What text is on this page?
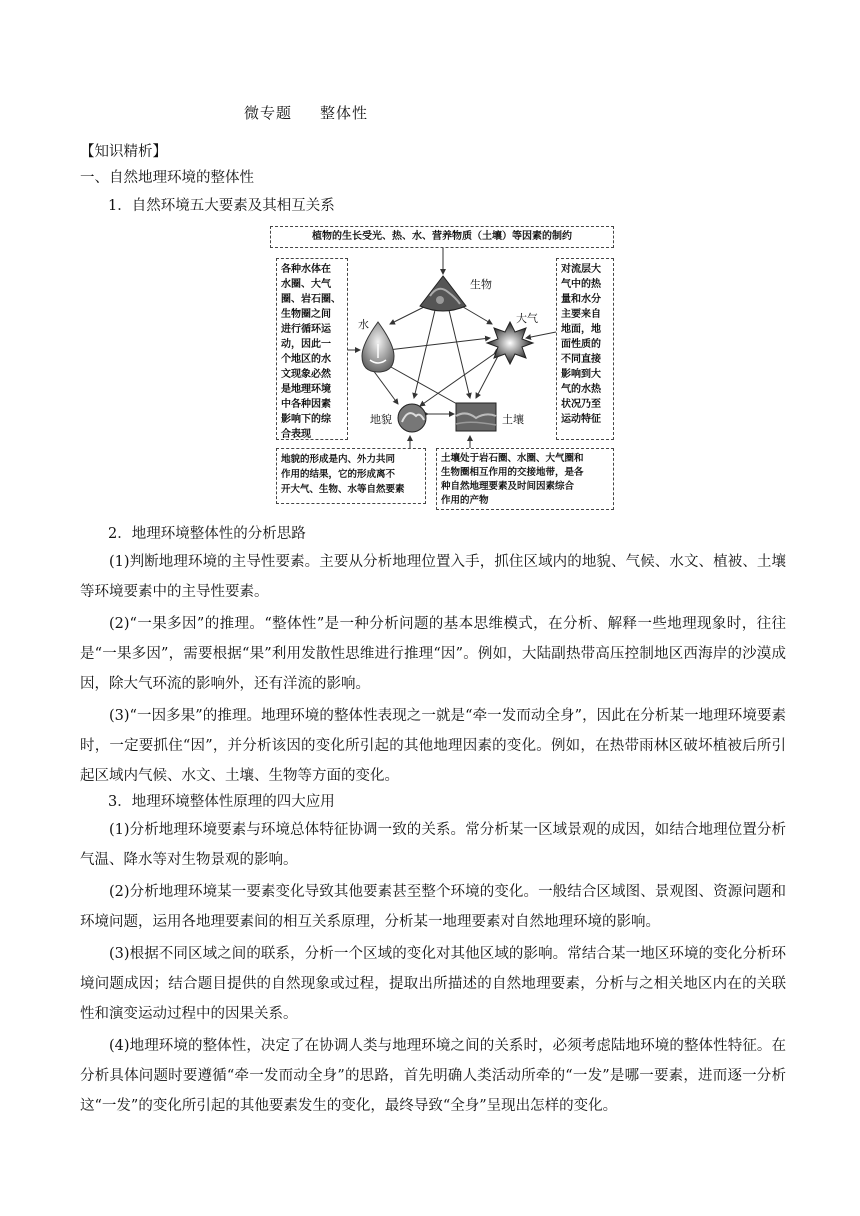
微专题 整体性
【知识精析】
一、自然地理环境的整体性
1．自然环境五大要素及其相互关系
植物的生长受光、热、水、营养物质（土壤）等因素的制约
各种水体在
水圈、大气
圈、岩石圈、
生物圈之间
进行循环运
动，因此一
个地区的水
文现象必然
是地理环境
中各种因素
影响下的综
合表现
对流层大
气中的热
量和水分
主要来自
地面，地
面性质的
不同直接
影响到大
气的水热
状况乃至
运动特征
地貌的形成是内、外力共同
作用的结果，它的形成离不
开大气、生物、水等自然要素
土壤处于岩石圈、水圈、大气圈和
生物圈相互作用的交接地带，是各
种自然地理要素及时间因素综合
作用的产物
生物
水	大气
地貌	土壤
2．地理环境整体性的分析思路
(1)判断地理环境的主导性要素。主要从分析地理位置入手，抓住区域内的地貌、气候、水文、植被、土壤等环境要素中的主导性要素。
(2)“一果多因”的推理。“整体性”是一种分析问题的基本思维模式，在分析、解释一些地理现象时，往往是“一果多因”，需要根据“果”利用发散性思维进行推理“因”。例如，大陆副热带高压控制地区西海岸的沙漠成因，除大气环流的影响外，还有洋流的影响。
(3)“一因多果”的推理。地理环境的整体性表现之一就是“牵一发而动全身”，因此在分析某一地理环境要素时，一定要抓住“因”，并分析该因的变化所引起的其他地理因素的变化。例如，在热带雨林区破坏植被后所引起区域内气候、水文、土壤、生物等方面的变化。
3．地理环境整体性原理的四大应用
(1)分析地理环境要素与环境总体特征协调一致的关系。常分析某一区域景观的成因，如结合地理位置分析气温、降水等对生物景观的影响。
(2)分析地理环境某一要素变化导致其他要素甚至整个环境的变化。一般结合区域图、景观图、资源问题和环境问题，运用各地理要素间的相互关系原理，分析某一地理要素对自然地理环境的影响。
(3)根据不同区域之间的联系，分析一个区域的变化对其他区域的影响。常结合某一地区环境的变化分析环境问题成因；结合题目提供的自然现象或过程，提取出所描述的自然地理要素，分析与之相关地区内在的关联性和演变运动过程中的因果关系。
(4)地理环境的整体性，决定了在协调人类与地理环境之间的关系时，必须考虑陆地环境的整体性特征。在分析具体问题时要遵循“牵一发而动全身”的思路，首先明确人类活动所牵的“一发”是哪一要素，进而逐一分析这“一发”的变化所引起的其他要素发生的变化，最终导致“全身”呈现出怎样的变化。
